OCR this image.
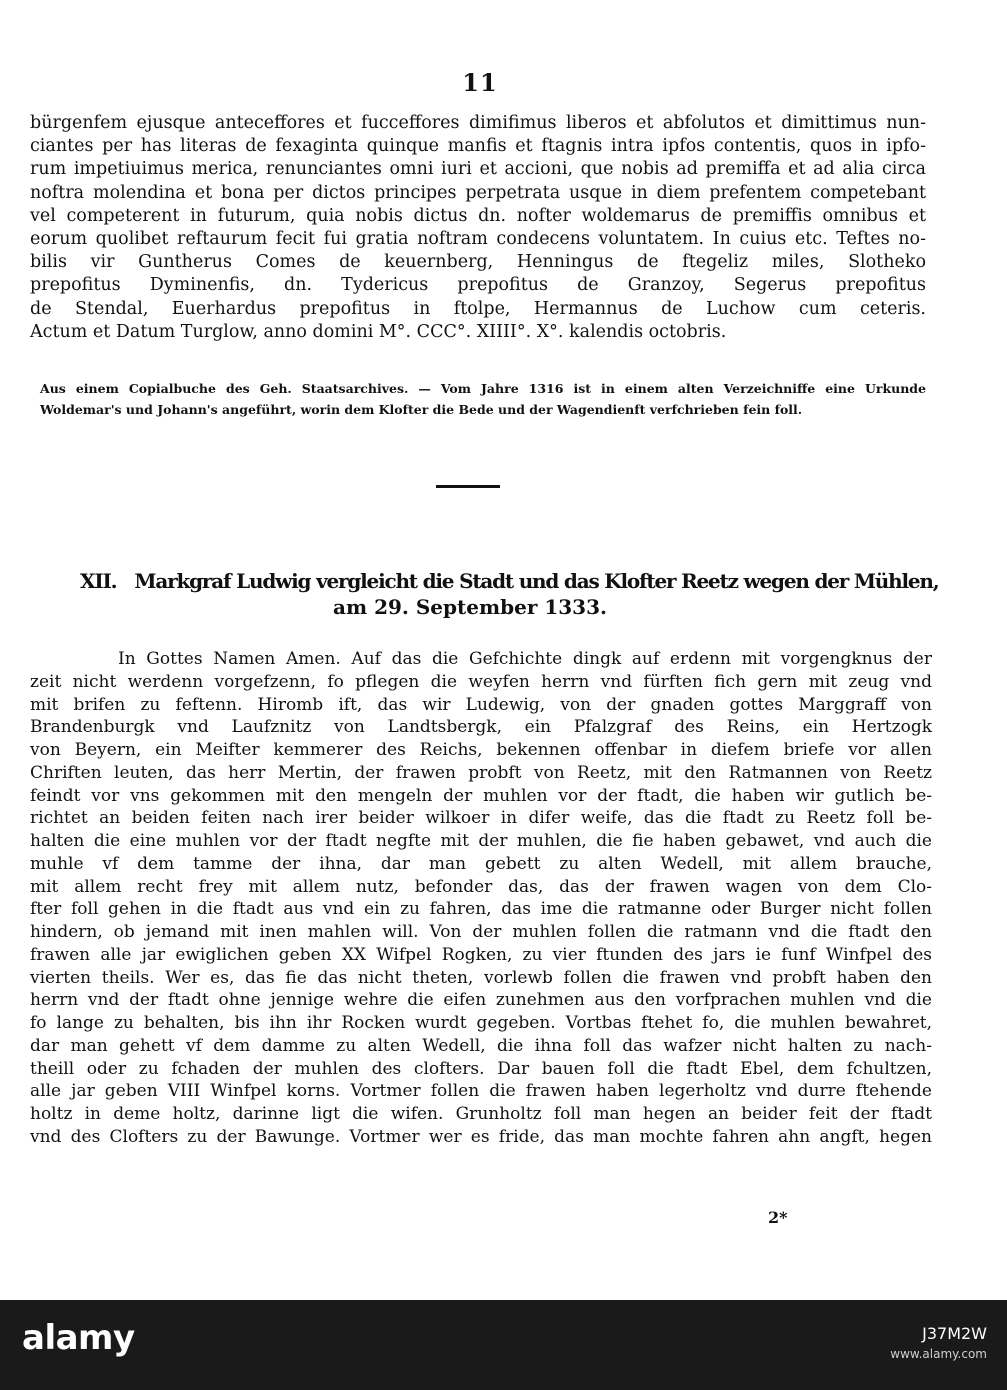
11
bürgenfem ejusque anteceffores et fucceffores dimifimus liberos et abfolutos et dimittimus nun-
ciantes per has literas de fexaginta quinque manfis et ftagnis intra ipfos contentis, quos in ipfo-
rum impetiuimus merica, renunciantes omni iuri et accioni, que nobis ad premiffa et ad alia circa
noftra molendina et bona per dictos principes perpetrata usque in diem prefentem competebant
vel competerent in futurum, quia nobis dictus dn. nofter woldemarus de premiffis omnibus et
eorum quolibet reftaurum fecit fui gratia noftram condecens voluntatem. In cuius etc. Teftes no-
bilis vir Guntherus Comes de keuernberg, Henningus de ftegeliz miles, Slotheko
prepofitus Dyminenfis, dn. Tydericus prepofitus de Granzoy, Segerus prepofitus
de Stendal, Euerhardus prepofitus in ftolpe, Hermannus de Luchow cum ceteris.
Actum et Datum Turglow, anno domini M°. CCC°. XIIII°. X°. kalendis octobris.
Aus einem Copialbuche des Geh. Staatsarchives. — Vom Jahre 1316 ist in einem alten Verzeichniffe eine Urkunde
Woldemar's und Johann's angeführt, worin dem Klofter die Bede und der Wagendienft verfchrieben fein foll.
XII. Markgraf Ludwig vergleicht die Stadt und das Klofter Reetz wegen der Mühlen,
am 29. September 1333.
In Gottes Namen Amen. Auf das die Gefchichte dingk auf erdenn mit vorgengknus der
zeit nicht werdenn vorgefzenn, fo pflegen die weyfen herrn vnd fürften fich gern mit zeug vnd
mit brifen zu feftenn. Hiromb ift, das wir Ludewig, von der gnaden gottes Marggraff von
Brandenburgk vnd Laufznitz von Landtsbergk, ein Pfalzgraf des Reins, ein Hertzogk
von Beyern, ein Meifter kemmerer des Reichs, bekennen offenbar in diefem briefe vor allen
Chriften leuten, das herr Mertin, der frawen probft von Reetz, mit den Ratmannen von Reetz
feindt vor vns gekommen mit den mengeln der muhlen vor der ftadt, die haben wir gutlich be-
richtet an beiden feiten nach irer beider wilkoer in difer weife, das die ftadt zu Reetz foll be-
halten die eine muhlen vor der ftadt negfte mit der muhlen, die fie haben gebawet, vnd auch die
muhle vf dem tamme der ihna, dar man gebett zu alten Wedell, mit allem brauche,
mit allem recht frey mit allem nutz, befonder das, das der frawen wagen von dem Clo-
fter foll gehen in die ftadt aus vnd ein zu fahren, das ime die ratmanne oder Burger nicht follen
hindern, ob jemand mit inen mahlen will. Von der muhlen follen die ratmann vnd die ftadt den
frawen alle jar ewiglichen geben XX Wifpel Rogken, zu vier ftunden des jars ie funf Winfpel des
vierten theils. Wer es, das fie das nicht theten, vorlewb follen die frawen vnd probft haben den
herrn vnd der ftadt ohne jennige wehre die eifen zunehmen aus den vorfprachen muhlen vnd die
fo lange zu behalten, bis ihn ihr Rocken wurdt gegeben. Vortbas ftehet fo, die muhlen bewahret,
dar man gehett vf dem damme zu alten Wedell, die ihna foll das wafzer nicht halten zu nach-
theill oder zu fchaden der muhlen des clofters. Dar bauen foll die ftadt Ebel, dem fchultzen,
alle jar geben VIII Winfpel korns. Vortmer follen die frawen haben legerholtz vnd durre ftehende
holtz in deme holtz, darinne ligt die wifen. Grunholtz foll man hegen an beider feit der ftadt
vnd des Clofters zu der Bawunge. Vortmer wer es fride, das man mochte fahren ahn angft, hegen
2*
alamy	J37M2W
www.alamy.com
